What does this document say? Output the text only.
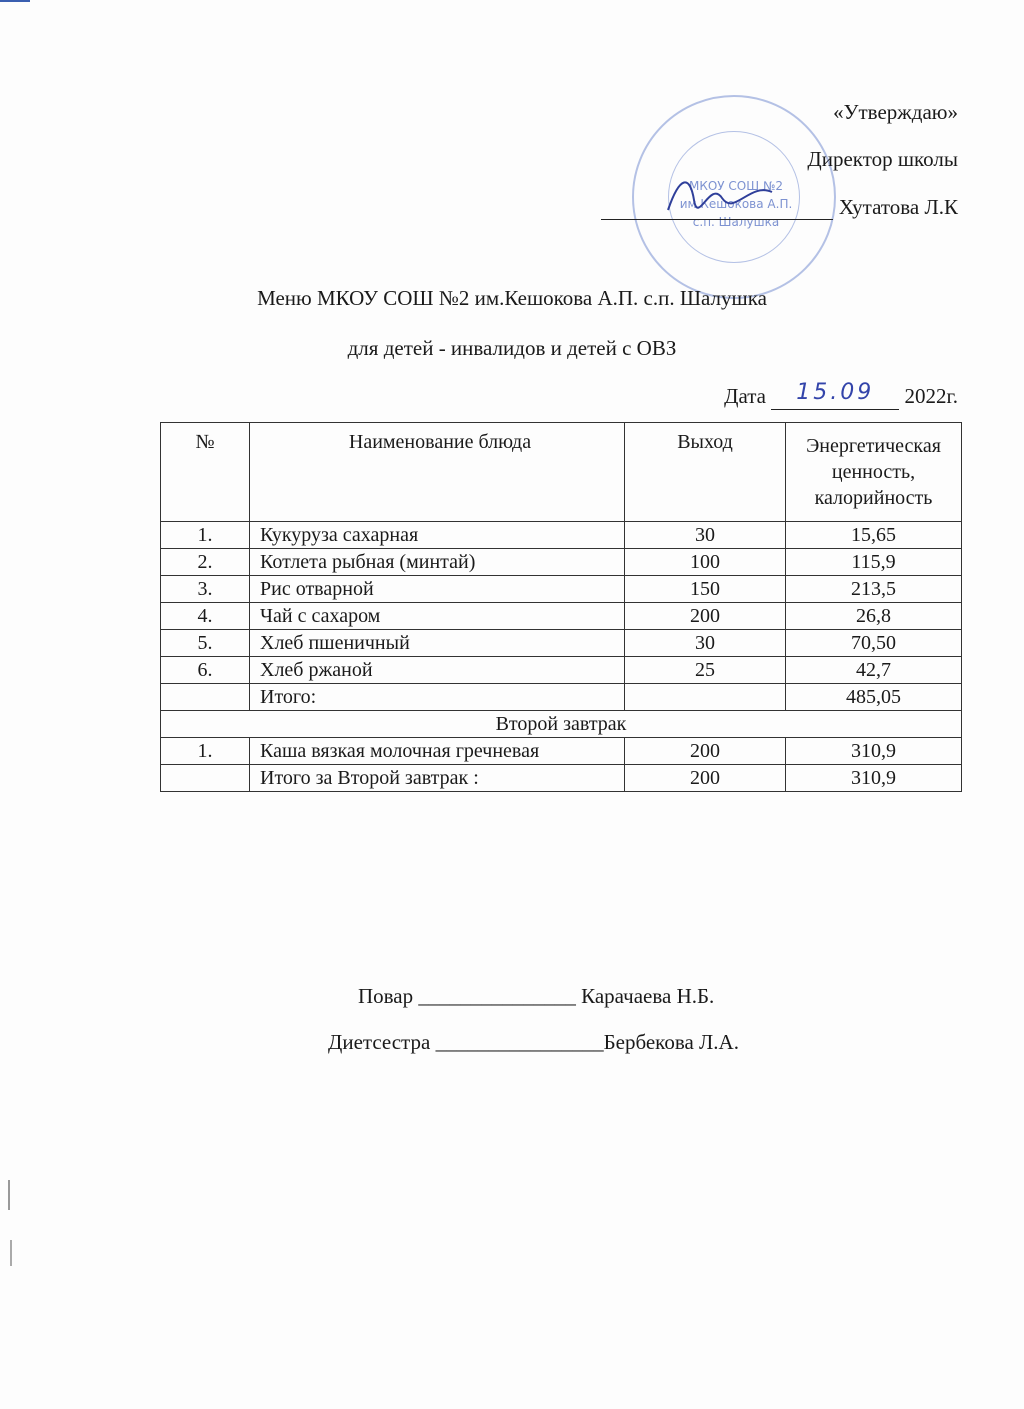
МКОУ СОШ №2
им.Кешокова А.П.
с.п. Шалушка
«Утверждаю»
Директор школы
Хутатова Л.К
Меню МКОУ СОШ №2 им.Кешокова А.П. с.п. Шалушка
для детей - инвалидов и детей с ОВЗ
Дата 15.09 2022г.
№	Наименование блюда	Выход	Энергетическая ценность, калорийность
1.	Кукуруза сахарная	30	15,65
2.	Котлета рыбная (минтай)	100	115,9
3.	Рис отварной	150	213,5
4.	Чай с сахаром	200	26,8
5.	Хлеб пшеничный	30	70,50
6.	Хлеб ржаной	25	42,7
	Итого:		485,05
Второй завтрак			
1.	Каша вязкая молочная гречневая	200	310,9
	Итого за Второй завтрак :	200	310,9
Повар _______________ Карачаева Н.Б.
Диетсестра ________________Бербекова Л.А.
